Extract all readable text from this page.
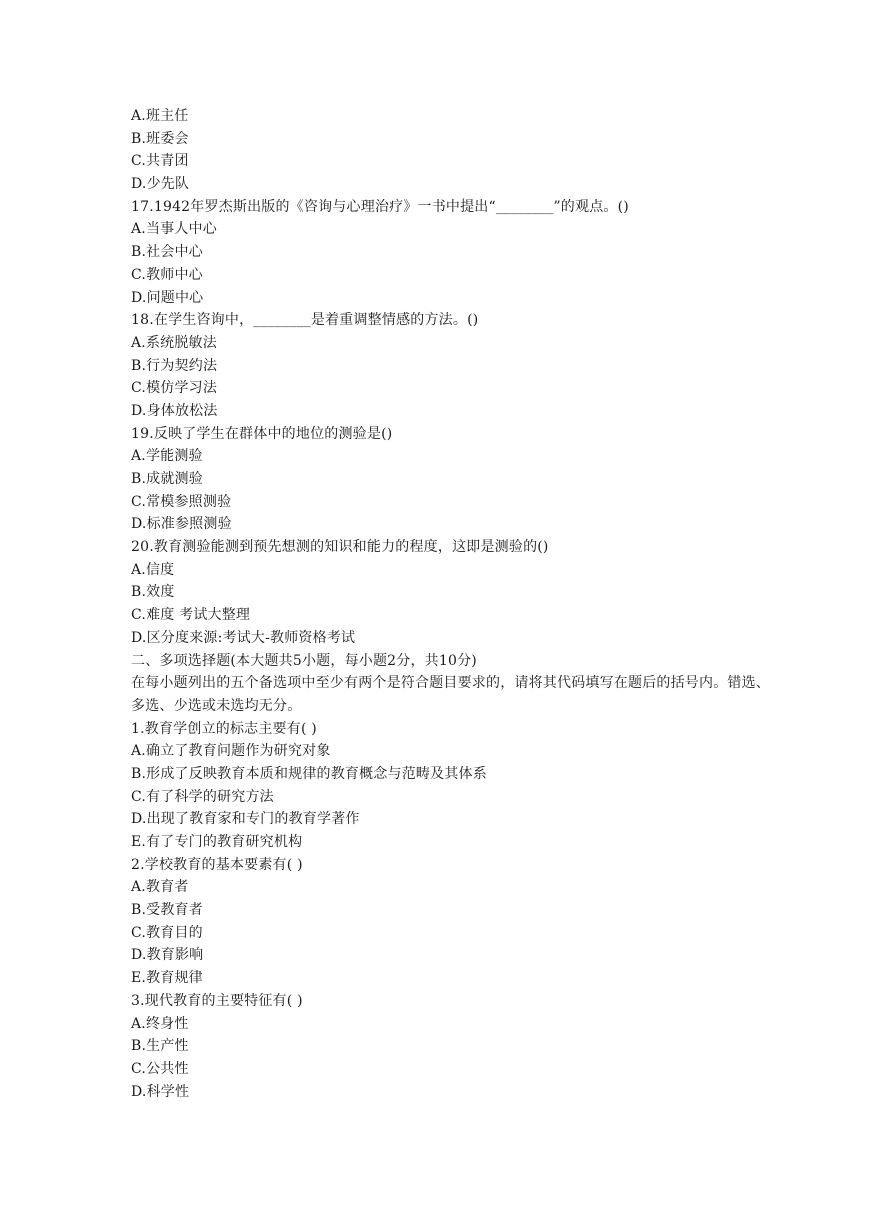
A.班主任
B.班委会
C.共青团
D.少先队
17.1942年罗杰斯出版的《咨询与心理治疗》一书中提出“________”的观点。()
A.当事人中心
B.社会中心
C.教师中心
D.问题中心
18.在学生咨询中，________是着重调整情感的方法。()
A.系统脱敏法
B.行为契约法
C.模仿学习法
D.身体放松法
19.反映了学生在群体中的地位的测验是()
A.学能测验
B.成就测验
C.常模参照测验
D.标准参照测验
20.教育测验能测到预先想测的知识和能力的程度，这即是测验的()
A.信度
B.效度
C.难度 考试大整理
D.区分度来源:考试大-教师资格考试
二、多项选择题(本大题共5小题，每小题2分，共10分)
在每小题列出的五个备选项中至少有两个是符合题目要求的，请将其代码填写在题后的括号内。错选、多选、少选或未选均无分。
1.教育学创立的标志主要有( )
A.确立了教育问题作为研究对象
B.形成了反映教育本质和规律的教育概念与范畴及其体系
C.有了科学的研究方法
D.出现了教育家和专门的教育学著作
E.有了专门的教育研究机构
2.学校教育的基本要素有( )
A.教育者
B.受教育者
C.教育目的
D.教育影响
E.教育规律
3.现代教育的主要特征有( )
A.终身性
B.生产性
C.公共性
D.科学性
